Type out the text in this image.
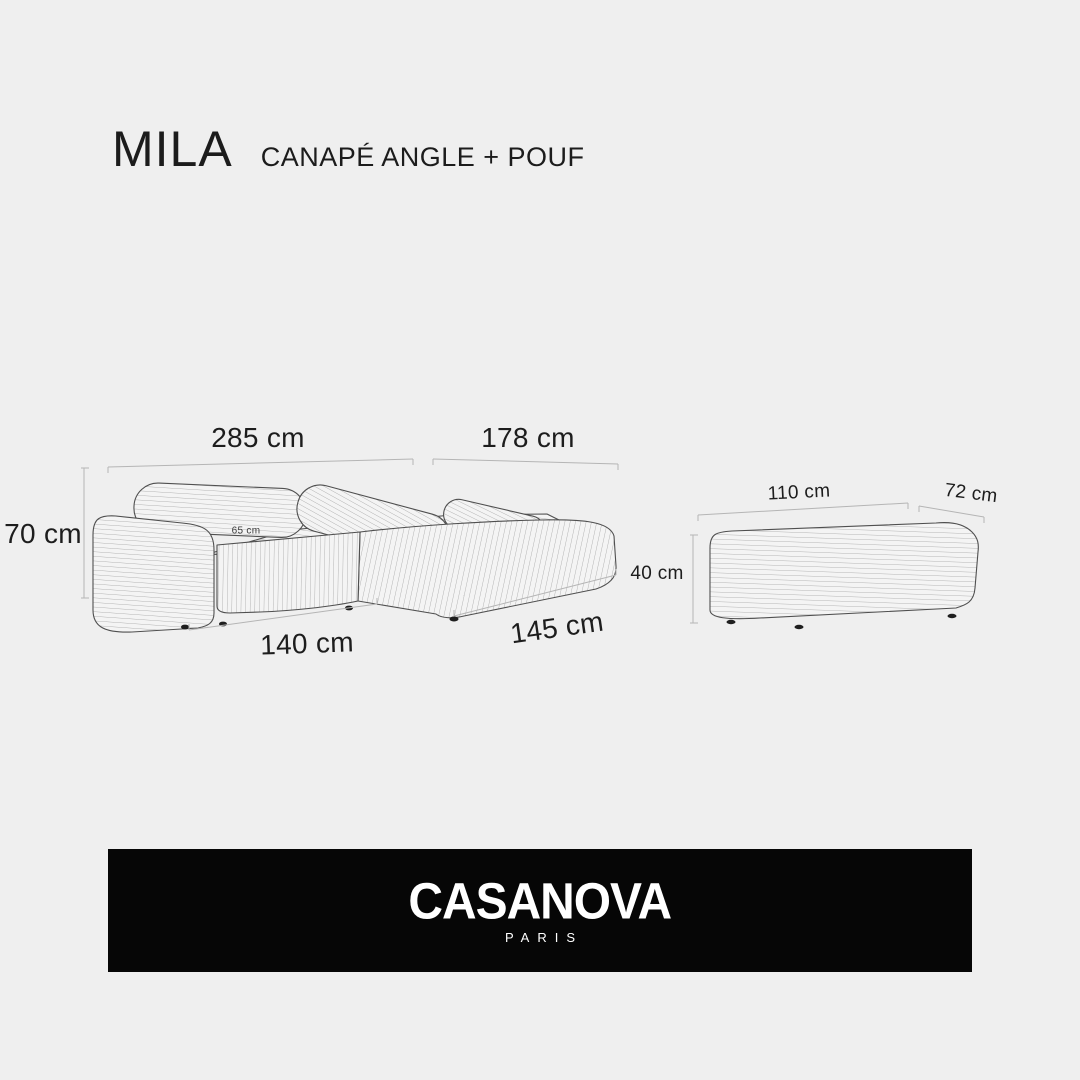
MILA CANAPÉ ANGLE + POUF
285 cm	178 cm
70 cm
140 cm	145 cm
65 cm
110 cm	72 cm
40 cm
CASANOVA
PARIS
